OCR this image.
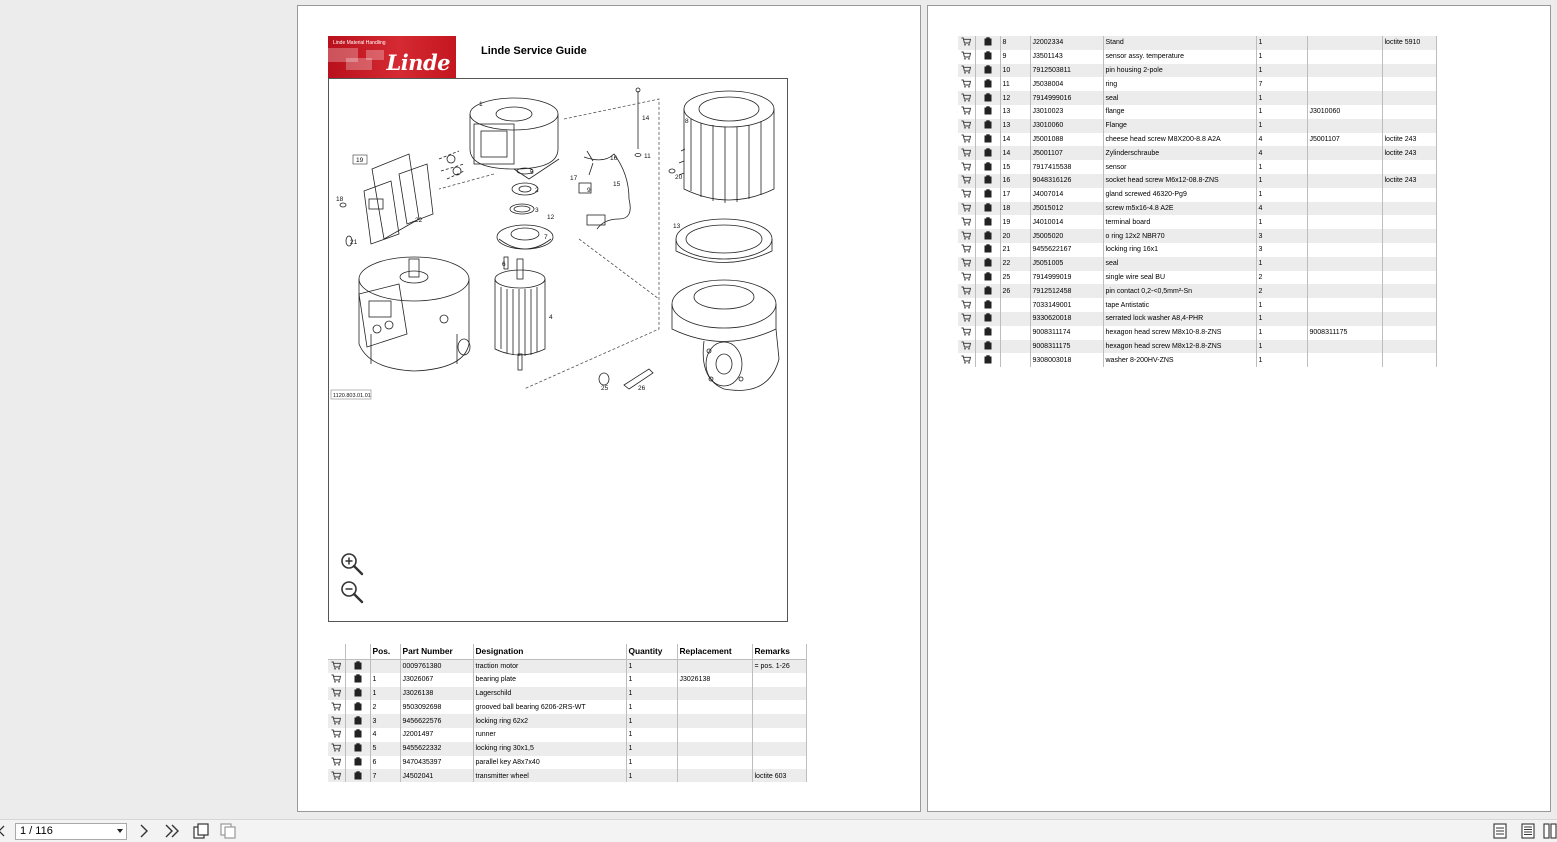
Linde Material Handling
Linde	Linde Service Guide
1
2
3
4
5
6
7
8
9
11
12
13
14
15
16
17
18
19
20
21
22
25	26
1120.803.01.01
		Pos.	Part Number	Designation	Quantity	Replacement	Remarks
			0009761380	traction motor	1		= pos. 1-26
		1	J3026067	bearing plate	1	J3026138	
		1	J3026138	Lagerschild	1		
		2	9503092698	grooved ball bearing 6206-2RS-WT	1		
		3	9456622576	locking ring 62x2	1		
		4	J2001497	runner	1		
		5	9455622332	locking ring 30x1,5	1		
		6	9470435397	parallel key A8x7x40	1		
		7	J4502041	transmitter wheel	1		loctite 603
		8	J2002334	Stand	1		loctite 5910
		9	J3501143	sensor assy. temperature	1		
		10	7912503811	pin housing 2-pole	1		
		11	J5038004	ring	7		
		12	7914999016	seal	1		
		13	J3010023	flange	1	J3010060	
		13	J3010060	Flange	1		
		14	J5001088	cheese head screw M8X200-8.8 A2A	4	J5001107	loctite 243
		14	J5001107	Zylinderschraube	4		loctite 243
		15	7917415538	sensor	1		
		16	9048316126	socket head screw M6x12-08.8-ZNS	1		loctite 243
		17	J4007014	gland screwed 46320-Pg9	1		
		18	J5015012	screw m5x16-4.8 A2E	4		
		19	J4010014	terminal board	1		
		20	J5005020	o ring 12x2 NBR70	3		
		21	9455622167	locking ring 16x1	3		
		22	J5051005	seal	1		
		25	7914999019	single wire seal BU	2		
		26	7912512458	pin contact 0,2-<0,5mm²-Sn	2		
			7033149001	tape Antistatic	1		
			9330620018	serrated lock washer A8,4-PHR	1		
			9008311174	hexagon head screw M8x10-8.8-ZNS	1	9008311175	
			9008311175	hexagon head screw M8x12-8.8-ZNS	1		
			9308003018	washer 8-200HV-ZNS	1		
1 / 116
